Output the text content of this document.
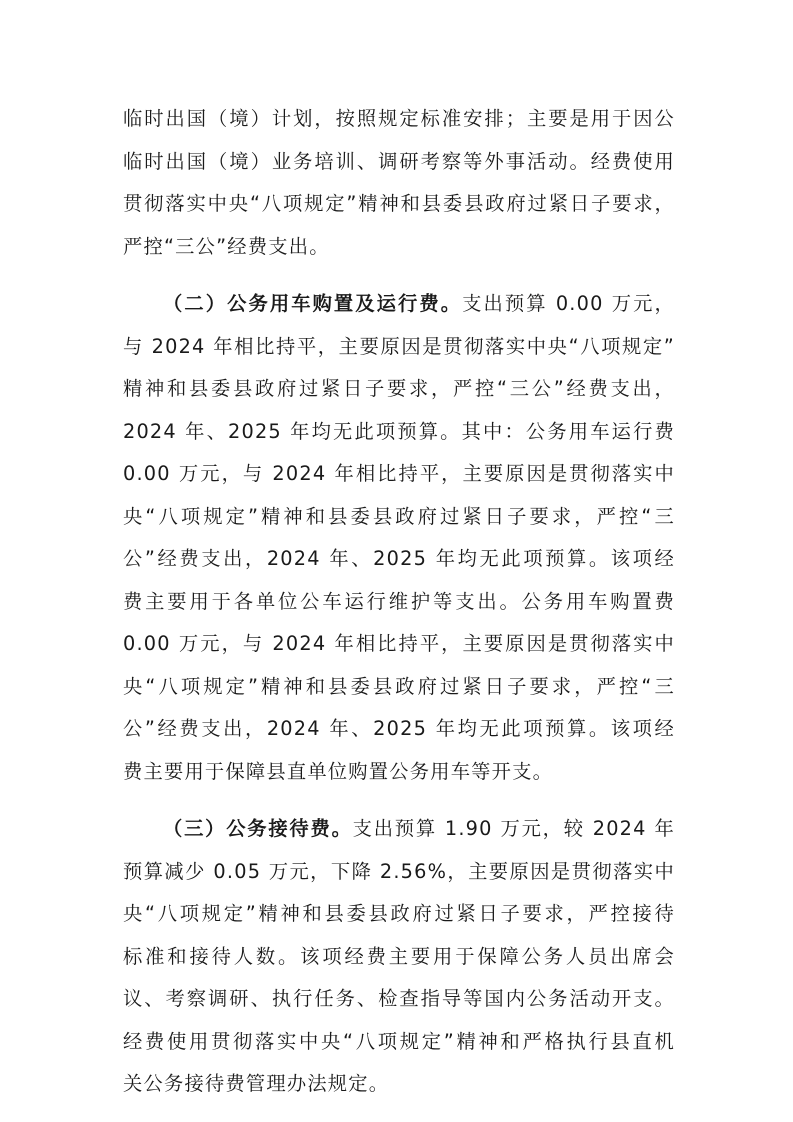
临时出国（境）计划，按照规定标准安排；主要是用于因公
临时出国（境）业务培训、调研考察等外事活动。经费使用
贯彻落实中央“八项规定”精神和县委县政府过紧日子要求，
严控“三公”经费支出。
（二）公务用车购置及运行费。支出预算 0.00 万元，
与 2024 年相比持平，主要原因是贯彻落实中央“八项规定”
精神和县委县政府过紧日子要求，严控“三公”经费支出，
2024 年、2025 年均无此项预算。其中：公务用车运行费
0.00 万元，与 2024 年相比持平，主要原因是贯彻落实中
央“八项规定”精神和县委县政府过紧日子要求，严控“三
公”经费支出，2024 年、2025 年均无此项预算。该项经
费主要用于各单位公车运行维护等支出。公务用车购置费
0.00 万元，与 2024 年相比持平，主要原因是贯彻落实中
央“八项规定”精神和县委县政府过紧日子要求，严控“三
公”经费支出，2024 年、2025 年均无此项预算。该项经
费主要用于保障县直单位购置公务用车等开支。
（三）公务接待费。支出预算 1.90 万元，较 2024 年
预算减少 0.05 万元，下降 2.56%，主要原因是贯彻落实中
央“八项规定”精神和县委县政府过紧日子要求，严控接待
标准和接待人数。该项经费主要用于保障公务人员出席会
议、考察调研、执行任务、检查指导等国内公务活动开支。
经费使用贯彻落实中央“八项规定”精神和严格执行县直机
关公务接待费管理办法规定。
